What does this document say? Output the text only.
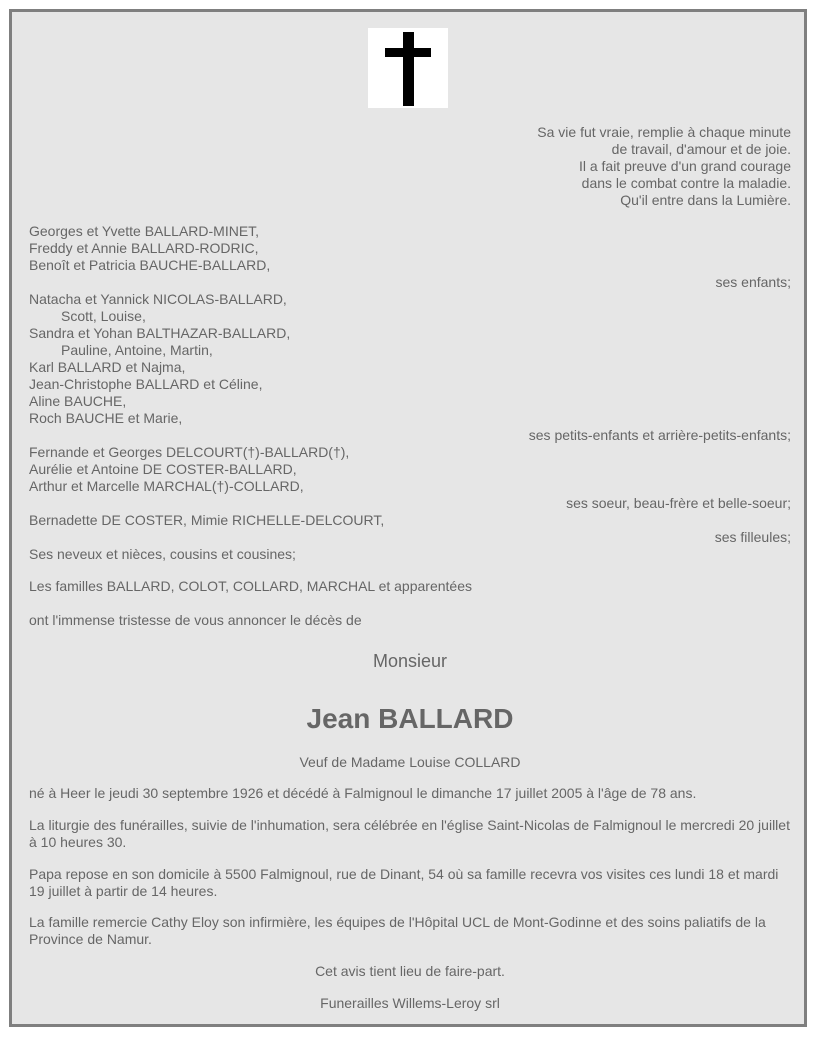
Sa vie fut vraie, remplie à chaque minute
de travail, d'amour et de joie.
Il a fait preuve d'un grand courage
dans le combat contre la maladie.
Qu'il entre dans la Lumière.
Georges et Yvette BALLARD-MINET,
Freddy et Annie BALLARD-RODRIC,
Benoît et Patricia BAUCHE-BALLARD,
ses enfants;
Natacha et Yannick NICOLAS-BALLARD,
Scott, Louise,
Sandra et Yohan BALTHAZAR-BALLARD,
Pauline, Antoine, Martin,
Karl BALLARD et Najma,
Jean-Christophe BALLARD et Céline,
Aline BAUCHE,
Roch BAUCHE et Marie,
ses petits-enfants et arrière-petits-enfants;
Fernande et Georges DELCOURT(†)-BALLARD(†),
Aurélie et Antoine DE COSTER-BALLARD,
Arthur et Marcelle MARCHAL(†)-COLLARD,
ses soeur, beau-frère et belle-soeur;
Bernadette DE COSTER, Mimie RICHELLE-DELCOURT,
ses filleules;
Ses neveux et nièces, cousins et cousines;
Les familles BALLARD, COLOT, COLLARD, MARCHAL et apparentées
ont l'immense tristesse de vous annoncer le décès de
Monsieur
Jean BALLARD
Veuf de Madame Louise COLLARD
né à Heer le jeudi 30 septembre 1926 et décédé à Falmignoul le dimanche 17 juillet 2005 à l'âge de 78 ans.
La liturgie des funérailles, suivie de l'inhumation, sera célébrée en l'église Saint-Nicolas de Falmignoul le mercredi 20 juillet à 10 heures 30.
Papa repose en son domicile à 5500 Falmignoul, rue de Dinant, 54 où sa famille recevra vos visites ces lundi 18 et mardi 19 juillet à partir de 14 heures.
La famille remercie Cathy Eloy son infirmière, les équipes de l'Hôpital UCL de Mont-Godinne et des soins paliatifs de la Province de Namur.
Cet avis tient lieu de faire-part.
Funerailles Willems-Leroy srl
